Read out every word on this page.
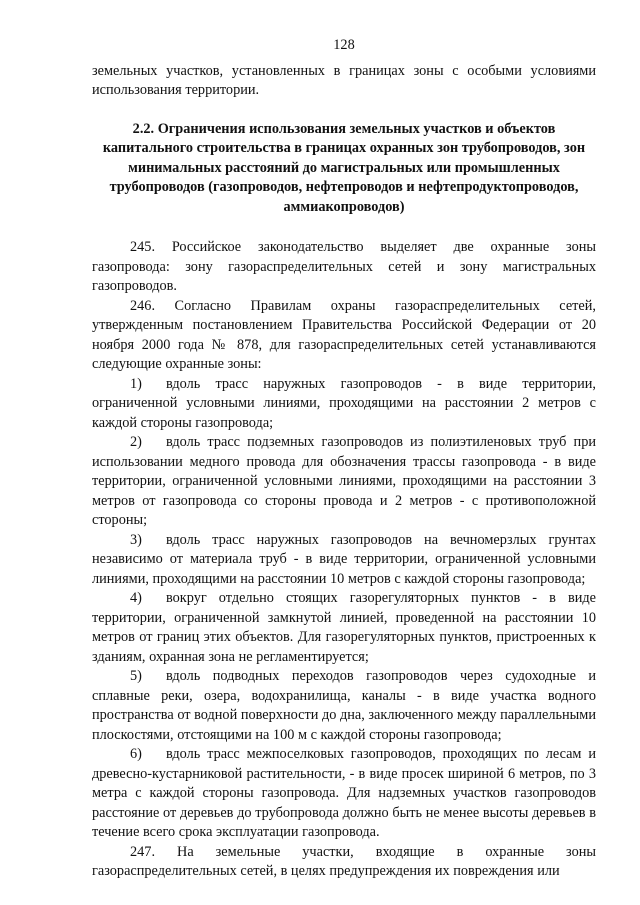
128

земельных участков, установленных в границах зоны с особыми условиями использования территории.

2.2. Ограничения использования земельных участков и объектов капитального строительства в границах охранных зон трубопроводов, зон минимальных расстояний до магистральных или промышленных трубопроводов (газопроводов, нефтепроводов и нефтепродуктопроводов, аммиакопроводов)

245. Российское законодательство выделяет две охранные зоны газопровода: зону газораспределительных сетей и зону магистральных газопроводов.

246. Согласно Правилам охраны газораспределительных сетей, утвержденным постановлением Правительства Российской Федерации от 20 ноября 2000 года № 878, для газораспределительных сетей устанавливаются следующие охранные зоны:

1) вдоль трасс наружных газопроводов - в виде территории, ограниченной условными линиями, проходящими на расстоянии 2 метров с каждой стороны газопровода;

2) вдоль трасс подземных газопроводов из полиэтиленовых труб при использовании медного провода для обозначения трассы газопровода - в виде территории, ограниченной условными линиями, проходящими на расстоянии 3 метров от газопровода со стороны провода и 2 метров - с противоположной стороны;

3) вдоль трасс наружных газопроводов на вечномерзлых грунтах независимо от материала труб - в виде территории, ограниченной условными линиями, проходящими на расстоянии 10 метров с каждой стороны газопровода;

4) вокруг отдельно стоящих газорегуляторных пунктов - в виде территории, ограниченной замкнутой линией, проведенной на расстоянии 10 метров от границ этих объектов. Для газорегуляторных пунктов, пристроенных к зданиям, охранная зона не регламентируется;

5) вдоль подводных переходов газопроводов через судоходные и сплавные реки, озера, водохранилища, каналы - в виде участка водного пространства от водной поверхности до дна, заключенного между параллельными плоскостями, отстоящими на 100 м с каждой стороны газопровода;

6) вдоль трасс межпоселковых газопроводов, проходящих по лесам и древесно-кустарниковой растительности, - в виде просек шириной 6 метров, по 3 метра с каждой стороны газопровода. Для надземных участков газопроводов расстояние от деревьев до трубопровода должно быть не менее высоты деревьев в течение всего срока эксплуатации газопровода.

247. На земельные участки, входящие в охранные зоны газораспределительных сетей, в целях предупреждения их повреждения или
